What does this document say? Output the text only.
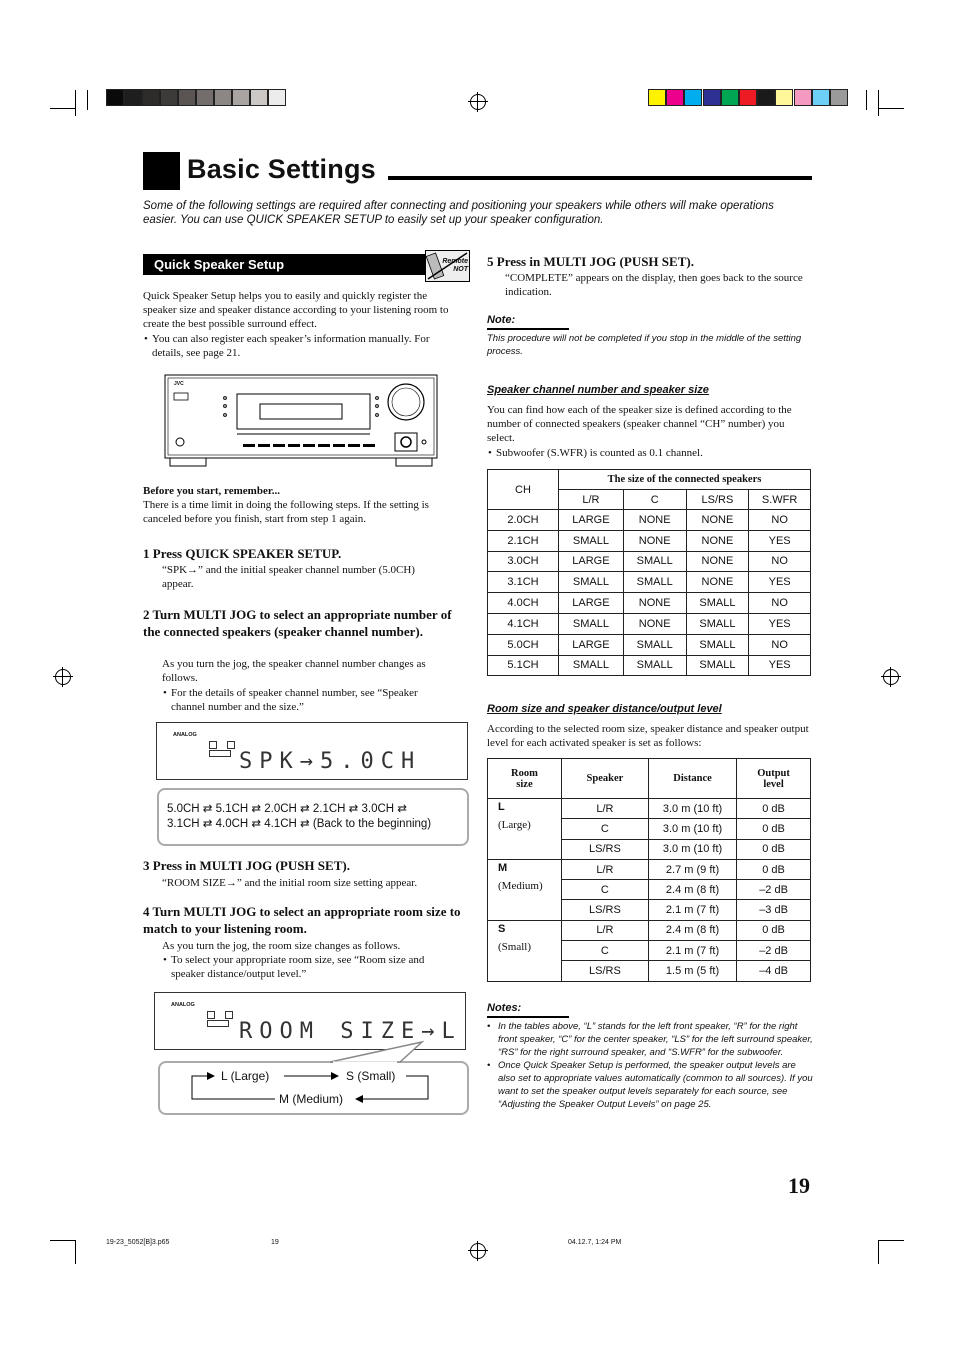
Basic Settings
Some of the following settings are required after connecting and positioning your speakers while others will make operations easier. You can use QUICK SPEAKER SETUP to easily set up your speaker configuration.
Quick Speaker Setup	Remote NOT
Quick Speaker Setup helps you to easily and quickly register the speaker size and speaker distance according to your listening room to create the best possible surround effect.
• You can also register each speaker’s information manually. For details, see page 21.
JVC
Before you start, remember...
There is a time limit in doing the following steps. If the setting is canceled before you finish, start from step 1 again.
1 Press QUICK SPEAKER SETUP.
“SPK→” and the initial speaker channel number (5.0CH) appear.
2 Turn MULTI JOG to select an appropriate number of the connected speakers (speaker channel number).
As you turn the jog, the speaker channel number changes as follows.
• For the details of speaker channel number, see “Speaker channel number and the size.”
ANALOG
SPK→5.0CH
5.0CH ⇄ 5.1CH ⇄ 2.0CH ⇄ 2.1CH ⇄ 3.0CH ⇄
3.1CH ⇄ 4.0CH ⇄ 4.1CH ⇄ (Back to the beginning)
3 Press in MULTI JOG (PUSH SET).
“ROOM SIZE→” and the initial room size setting appear.
4 Turn MULTI JOG to select an appropriate room size to match to your listening room.
As you turn the jog, the room size changes as follows.
• To select your appropriate room size, see “Room size and speaker distance/output level.”
ANALOG
ROOM SIZE→L
L (Large)	S (Small)
M (Medium)
5 Press in MULTI JOG (PUSH SET).
“COMPLETE” appears on the display, then goes back to the source indication.
Note:
This procedure will not be completed if you stop in the middle of the setting process.
Speaker channel number and speaker size
You can find how each of the speaker size is defined according to the number of connected speakers (speaker channel “CH” number) you select.
• Subwoofer (S.WFR) is counted as 0.1 channel.
CH	The size of the connected speakers			
	L/R	C	LS/RS	S.WFR
2.0CH	LARGE	NONE	NONE	NO
2.1CH	SMALL	NONE	NONE	YES
3.0CH	LARGE	SMALL	NONE	NO
3.1CH	SMALL	SMALL	NONE	YES
4.0CH	LARGE	NONE	SMALL	NO
4.1CH	SMALL	NONE	SMALL	YES
5.0CH	LARGE	SMALL	SMALL	NO
5.1CH	SMALL	SMALL	SMALL	YES
Room size and speaker distance/output level
According to the selected room size, speaker distance and speaker output level for each activated speaker is set as follows:
Room size	Speaker	Distance	Output level

L
(Large)	L/R	3.0 m (10 ft)	0 dB
	C	3.0 m (10 ft)	0 dB
	LS/RS	3.0 m (10 ft)	0 dB

M
(Medium)	L/R	2.7 m (9 ft)	0 dB
	C	2.4 m (8 ft)	–2 dB
	LS/RS	2.1 m (7 ft)	–3 dB

S
(Small)	L/R	2.4 m (8 ft)	0 dB
	C	2.1 m (7 ft)	–2 dB
	LS/RS	1.5 m (5 ft)	–4 dB
Notes:
• In the tables above, “L” stands for the left front speaker, “R” for the right front speaker, “C” for the center speaker, “LS” for the left surround speaker, “RS” for the right surround speaker, and “S.WFR” for the subwoofer.
• Once Quick Speaker Setup is performed, the speaker output levels are also set to appropriate values automatically (common to all sources). If you want to set the speaker output levels separately for each source, see “Adjusting the Speaker Output Levels” on page 25.
19
19-23_5052[B]3.p65	19	04.12.7, 1:24 PM
